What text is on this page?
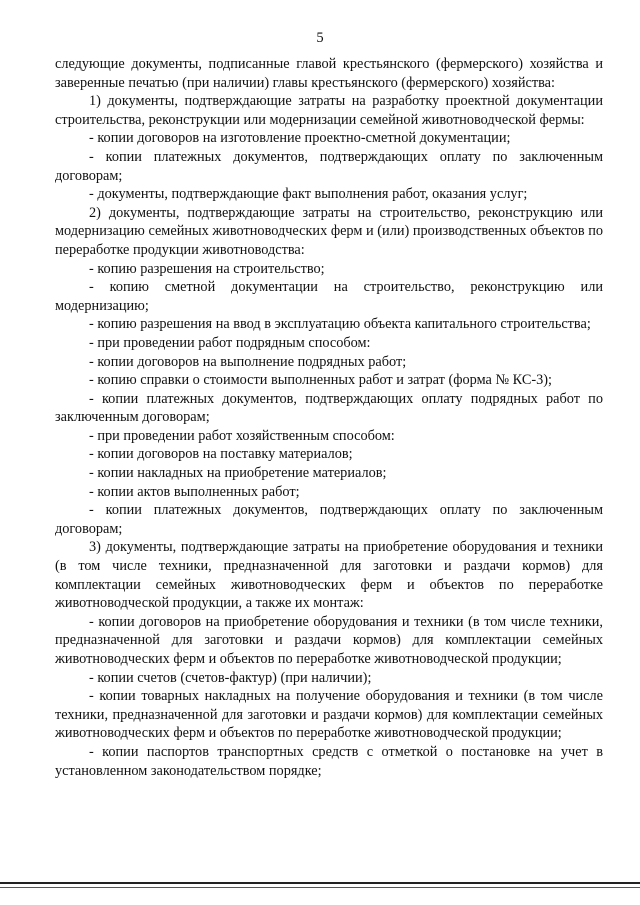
5

следующие документы, подписанные главой крестьянского (фермерского) хозяйства и заверенные печатью (при наличии) главы крестьянского (фермерского) хозяйства:

1) документы, подтверждающие затраты на разработку проектной документации строительства, реконструкции или модернизации семейной животноводческой фермы:

- копии договоров на изготовление проектно-сметной документации;

- копии платежных документов, подтверждающих оплату по заключенным договорам;

- документы, подтверждающие факт выполнения работ, оказания услуг;

2) документы, подтверждающие затраты на строительство, реконструкцию или модернизацию семейных животноводческих ферм и (или) производственных объектов по переработке продукции животноводства:

- копию разрешения на строительство;

- копию сметной документации на строительство, реконструкцию или модернизацию;

- копию разрешения на ввод в эксплуатацию объекта капитального строительства;

- при проведении работ подрядным способом:

- копии договоров на выполнение подрядных работ;

- копию справки о стоимости выполненных работ и затрат (форма № КС-3);

- копии платежных документов, подтверждающих оплату подрядных работ по заключенным договорам;

- при проведении работ хозяйственным способом:

- копии договоров на поставку материалов;

- копии накладных на приобретение материалов;

- копии актов выполненных работ;

- копии платежных документов, подтверждающих оплату по заключенным договорам;

3) документы, подтверждающие затраты на приобретение оборудования и техники (в том числе техники, предназначенной для заготовки и раздачи кормов) для комплектации семейных животноводческих ферм и объектов по переработке животноводческой продукции, а также их монтаж:

- копии договоров на приобретение оборудования и техники (в том числе техники, предназначенной для заготовки и раздачи кормов) для комплектации семейных животноводческих ферм и объектов по переработке животноводческой продукции;

- копии счетов (счетов-фактур) (при наличии);

- копии товарных накладных на получение оборудования и техники (в том числе техники, предназначенной для заготовки и раздачи кормов) для комплектации семейных животноводческих ферм и объектов по переработке животноводческой продукции;

- копии паспортов транспортных средств с отметкой о постановке на учет в установленном законодательством порядке;
